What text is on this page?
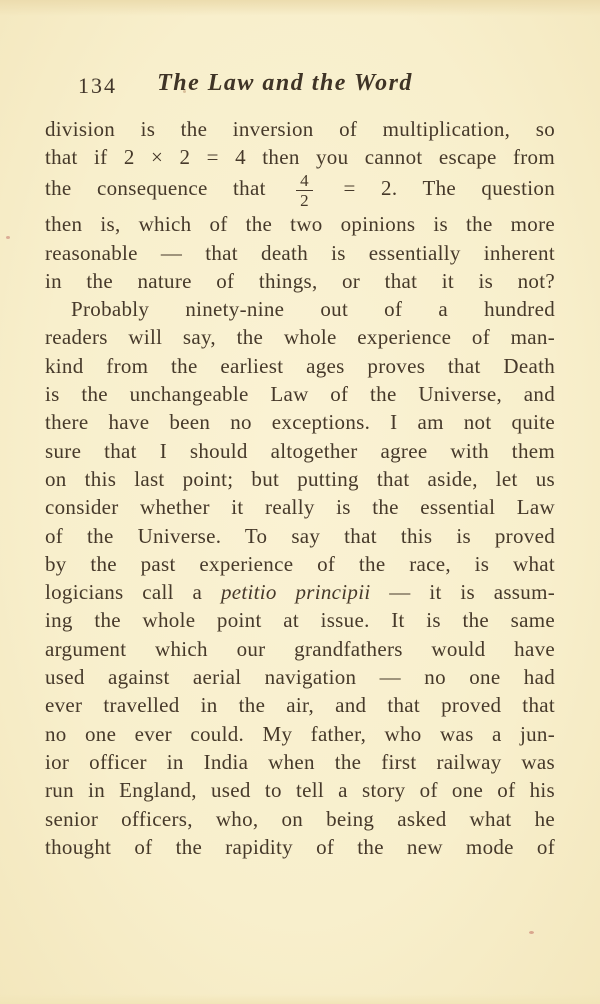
134	The Law and the Word
division is the inversion of multiplication, so
that if 2 × 2 = 4 then you cannot escape from
the consequence that $\frac{4}{2} = 2$. The question
then is, which of the two opinions is the more
reasonable — that death is essentially inherent
in the nature of things, or that it is not?
Probably ninety-nine out of a hundred
readers will say, the whole experience of man-
kind from the earliest ages proves that Death
is the unchangeable Law of the Universe, and
there have been no exceptions. I am not quite
sure that I should altogether agree with them
on this last point; but putting that aside, let us
consider whether it really is the essential Law
of the Universe. To say that this is proved
by the past experience of the race, is what
logicians call a petitio principii — it is assum-
ing the whole point at issue. It is the same
argument which our grandfathers would have
used against aerial navigation — no one had
ever travelled in the air, and that proved that
no one ever could. My father, who was a jun-
ior officer in India when the first railway was
run in England, used to tell a story of one of his
senior officers, who, on being asked what he
thought of the rapidity of the new mode of
